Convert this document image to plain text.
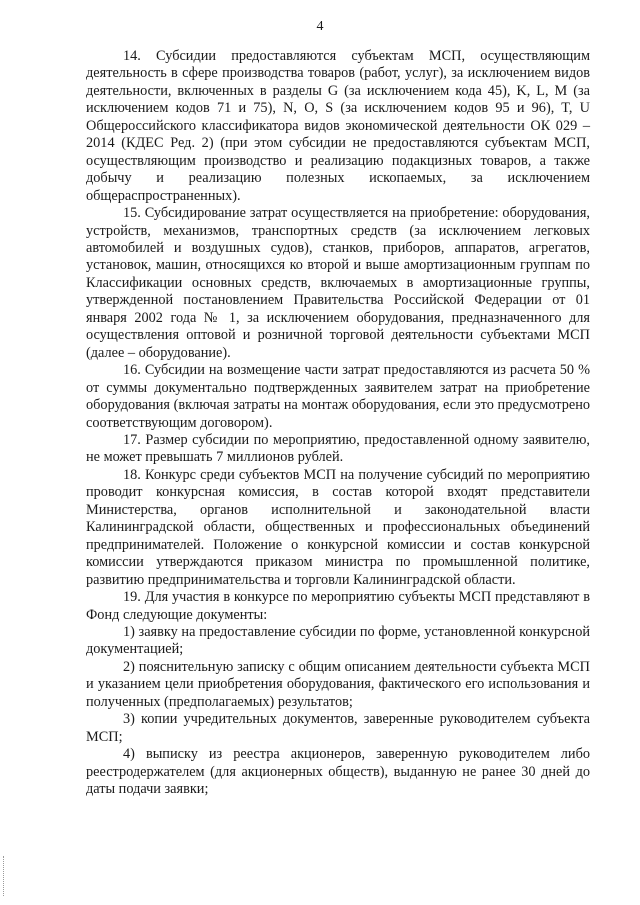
4

14. Субсидии предоставляются субъектам МСП, осуществляющим деятельность в сфере производства товаров (работ, услуг), за исключением видов деятельности, включенных в разделы G (за исключением кода 45), K, L, M (за исключением кодов 71 и 75), N, O, S (за исключением кодов 95 и 96), T, U Общероссийского классификатора видов экономической деятельности ОК 029 – 2014 (КДЕС Ред. 2) (при этом субсидии не предоставляются субъектам МСП, осуществляющим производство и реализацию подакцизных товаров, а также добычу и реализацию полезных ископаемых, за исключением общераспространенных).

15. Субсидирование затрат осуществляется на приобретение: оборудования, устройств, механизмов, транспортных средств (за исключением легковых автомобилей и воздушных судов), станков, приборов, аппаратов, агрегатов, установок, машин, относящихся ко второй и выше амортизационным группам по Классификации основных средств, включаемых в амортизационные группы, утвержденной постановлением Правительства Российской Федерации от 01 января 2002 года № 1, за исключением оборудования, предназначенного для осуществления оптовой и розничной торговой деятельности субъектами МСП (далее – оборудование).

16. Субсидии на возмещение части затрат предоставляются из расчета 50 % от суммы документально подтвержденных заявителем затрат на приобретение оборудования (включая затраты на монтаж оборудования, если это предусмотрено соответствующим договором).

17. Размер субсидии по мероприятию, предоставленной одному заявителю, не может превышать 7 миллионов рублей.

18. Конкурс среди субъектов МСП на получение субсидий по мероприятию проводит конкурсная комиссия, в состав которой входят представители Министерства, органов исполнительной и законодательной власти Калининградской области, общественных и профессиональных объединений предпринимателей. Положение о конкурсной комиссии и состав конкурсной комиссии утверждаются приказом министра по промышленной политике, развитию предпринимательства и торговли Калининградской области.

19. Для участия в конкурсе по мероприятию субъекты МСП представляют в Фонд следующие документы:

1) заявку на предоставление субсидии по форме, установленной конкурсной документацией;

2) пояснительную записку с общим описанием деятельности субъекта МСП и указанием цели приобретения оборудования, фактического его использования и полученных (предполагаемых) результатов;

3) копии учредительных документов, заверенные руководителем субъекта МСП;

4) выписку из реестра акционеров, заверенную руководителем либо реестродержателем (для акционерных обществ), выданную не ранее 30 дней до даты подачи заявки;
